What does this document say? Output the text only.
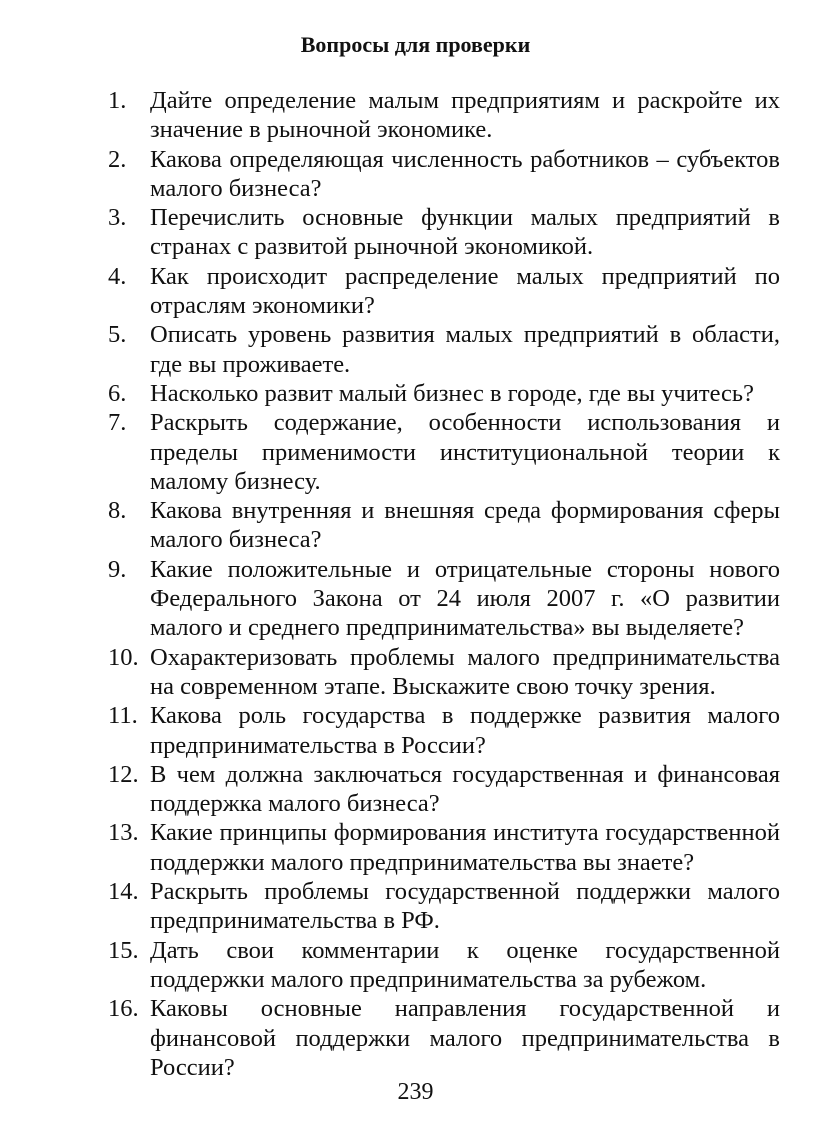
Вопросы для проверки
1. Дайте определение малым предприятиям и раскройте их значение в рыночной экономике.
2. Какова определяющая численность работников – субъектов малого бизнеса?
3. Перечислить основные функции малых предприятий в странах с развитой рыночной экономикой.
4. Как происходит распределение малых предприятий по отраслям экономики?
5. Описать уровень развития малых предприятий в области, где вы проживаете.
6. Насколько развит малый бизнес в городе, где вы учитесь?
7. Раскрыть содержание, особенности использования и пределы применимости институциональной теории к малому бизнесу.
8. Какова внутренняя и внешняя среда формирования сферы малого бизнеса?
9. Какие положительные и отрицательные стороны нового Федерального Закона от 24 июля 2007 г. «О развитии малого и среднего предпринимательства» вы выделяете?
10. Охарактеризовать проблемы малого предпринимательства на современном этапе. Выскажите свою точку зрения.
11. Какова роль государства в поддержке развития малого предпринимательства в России?
12. В чем должна заключаться государственная и финансовая поддержка малого бизнеса?
13. Какие принципы формирования института государственной поддержки малого предпринимательства вы знаете?
14. Раскрыть проблемы государственной поддержки малого предпринимательства в РФ.
15. Дать свои комментарии к оценке государственной поддержки малого предпринимательства за рубежом.
16. Каковы основные направления государственной и финансовой поддержки малого предпринимательства в России?
239
